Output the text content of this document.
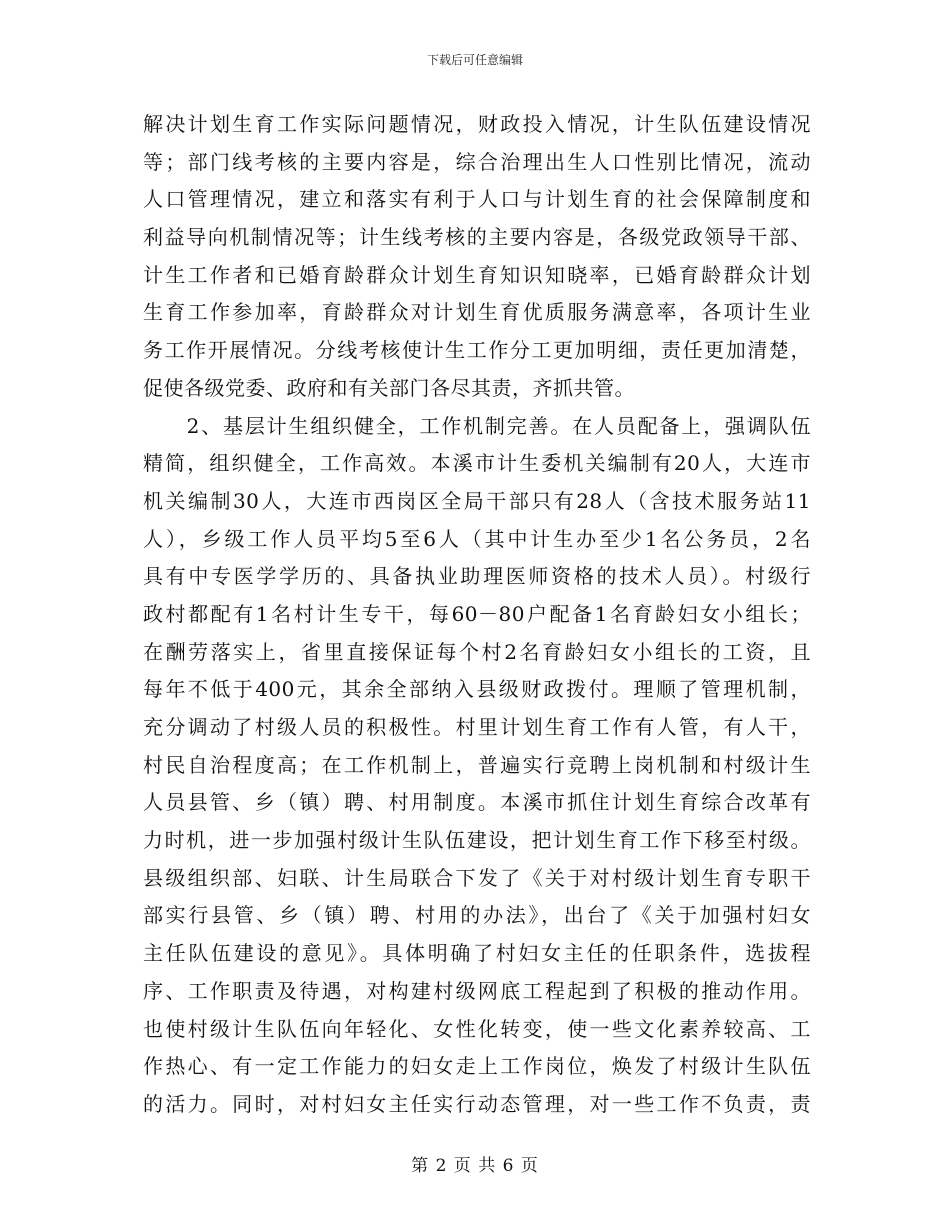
下载后可任意编辑
解决计划生育工作实际问题情况，财政投入情况，计生队伍建设情况
等；部门线考核的主要内容是，综合治理出生人口性别比情况，流动
人口管理情况，建立和落实有利于人口与计划生育的社会保障制度和
利益导向机制情况等；计生线考核的主要内容是，各级党政领导干部、
计生工作者和已婚育龄群众计划生育知识知晓率，已婚育龄群众计划
生育工作参加率，育龄群众对计划生育优质服务满意率，各项计生业
务工作开展情况。分线考核使计生工作分工更加明细，责任更加清楚，
促使各级党委、政府和有关部门各尽其责，齐抓共管。
　　2、基层计生组织健全，工作机制完善。在人员配备上，强调队伍
精简，组织健全，工作高效。本溪市计生委机关编制有20人，大连市
机关编制30人，大连市西岗区全局干部只有28人（含技术服务站11
人），乡级工作人员平均5至6人（其中计生办至少1名公务员，2名
具有中专医学学历的、具备执业助理医师资格的技术人员）。村级行
政村都配有1名村计生专干，每60－80户配备1名育龄妇女小组长；
在酬劳落实上，省里直接保证每个村2名育龄妇女小组长的工资，且
每年不低于400元，其余全部纳入县级财政拨付。理顺了管理机制，
充分调动了村级人员的积极性。村里计划生育工作有人管，有人干，
村民自治程度高；在工作机制上，普遍实行竞聘上岗机制和村级计生
人员县管、乡（镇）聘、村用制度。本溪市抓住计划生育综合改革有
力时机，进一步加强村级计生队伍建设，把计划生育工作下移至村级。
县级组织部、妇联、计生局联合下发了《关于对村级计划生育专职干
部实行县管、乡（镇）聘、村用的办法》，出台了《关于加强村妇女
主任队伍建设的意见》。具体明确了村妇女主任的任职条件，选拔程
序、工作职责及待遇，对构建村级网底工程起到了积极的推动作用。
也使村级计生队伍向年轻化、女性化转变，使一些文化素养较高、工
作热心、有一定工作能力的妇女走上工作岗位，焕发了村级计生队伍
的活力。同时，对村妇女主任实行动态管理，对一些工作不负责，责
第 2 页 共 6 页
